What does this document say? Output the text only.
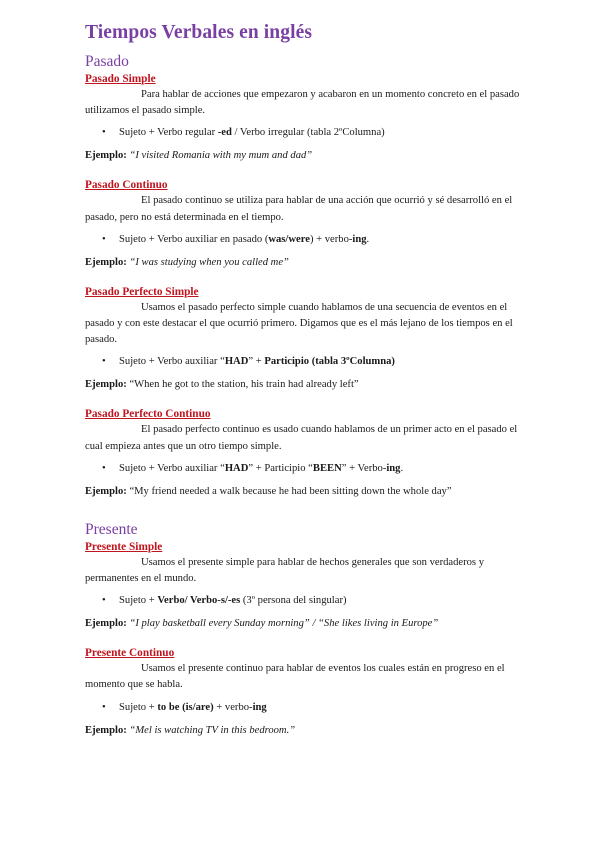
Tiempos Verbales en inglés
Pasado

Pasado Simple

Para hablar de acciones que empezaron y acabaron en un momento concreto en el pasado utilizamos el pasado simple.

• Sujeto + Verbo regular -ed / Verbo irregular (tabla 2ºColumna)

Ejemplo: “I visited Romania with my mum and dad”

Pasado Continuo

El pasado continuo se utiliza para hablar de una acción que ocurrió y sé desarrolló en el pasado, pero no está determinada en el tiempo.

• Sujeto + Verbo auxiliar en pasado (was/were) + verbo-ing.

Ejemplo: “I was studying when you called me”

Pasado Perfecto Simple

Usamos el pasado perfecto simple cuando hablamos de una secuencia de eventos en el pasado y con este destacar el que ocurrió primero. Digamos que es el más lejano de los tiempos en el pasado.

• Sujeto + Verbo auxiliar “HAD” + Participio (tabla 3ºColumna)

Ejemplo: “When he got to the station, his train had already left”

Pasado Perfecto Continuo

El pasado perfecto continuo es usado cuando hablamos de un primer acto en el pasado el cual empieza antes que un otro tiempo simple.

• Sujeto + Verbo auxiliar “HAD” + Participio “BEEN” + Verbo-ing.

Ejemplo: “My friend needed a walk because he had been sitting down the whole day”

Presente

Presente Simple

Usamos el presente simple para hablar de hechos generales que son verdaderos y permanentes en el mundo.

• Sujeto + Verbo/ Verbo-s/-es (3º persona del singular)

Ejemplo: “I play basketball every Sunday morning” / “She likes living in Europe”

Presente Continuo

Usamos el presente continuo para hablar de eventos los cuales están en progreso en el momento que se habla.

• Sujeto + to be (is/are) + verbo-ing

Ejemplo: “Mel is watching TV in this bedroom.”
